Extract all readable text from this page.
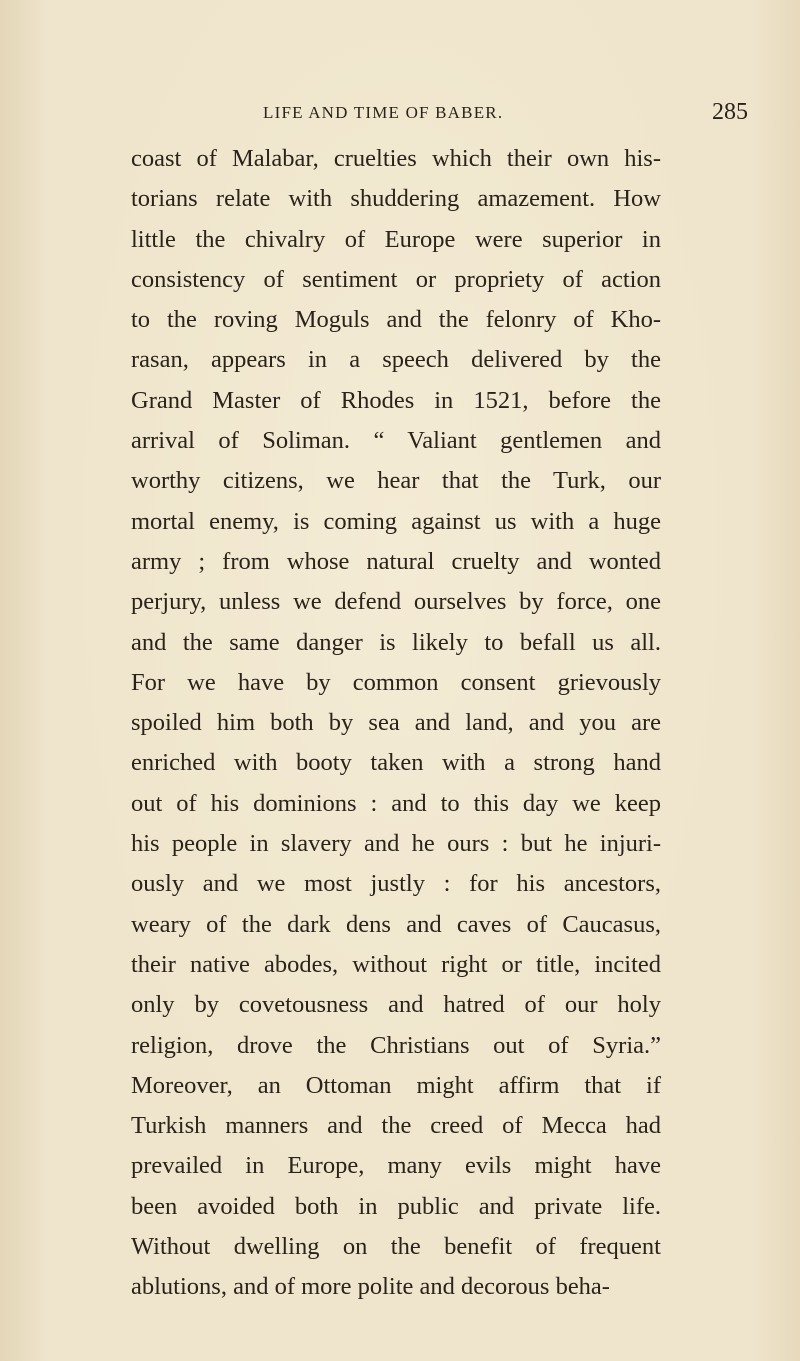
LIFE AND TIME OF BABER.	285
coast of Malabar, cruelties which their own his-
torians relate with shuddering amazement. How
little the chivalry of Europe were superior in
consistency of sentiment or propriety of action
to the roving Moguls and the felonry of Kho-
rasan, appears in a speech delivered by the
Grand Master of Rhodes in 1521, before the
arrival of Soliman. “ Valiant gentlemen and
worthy citizens, we hear that the Turk, our
mortal enemy, is coming against us with a huge
army ; from whose natural cruelty and wonted
perjury, unless we defend ourselves by force, one
and the same danger is likely to befall us all.
For we have by common consent grievously
spoiled him both by sea and land, and you are
enriched with booty taken with a strong hand
out of his dominions : and to this day we keep
his people in slavery and he ours : but he injuri-
ously and we most justly : for his ancestors,
weary of the dark dens and caves of Caucasus,
their native abodes, without right or title, incited
only by covetousness and hatred of our holy
religion, drove the Christians out of Syria.”
Moreover, an Ottoman might affirm that if
Turkish manners and the creed of Mecca had
prevailed in Europe, many evils might have
been avoided both in public and private life.
Without dwelling on the benefit of frequent
ablutions, and of more polite and decorous beha-
